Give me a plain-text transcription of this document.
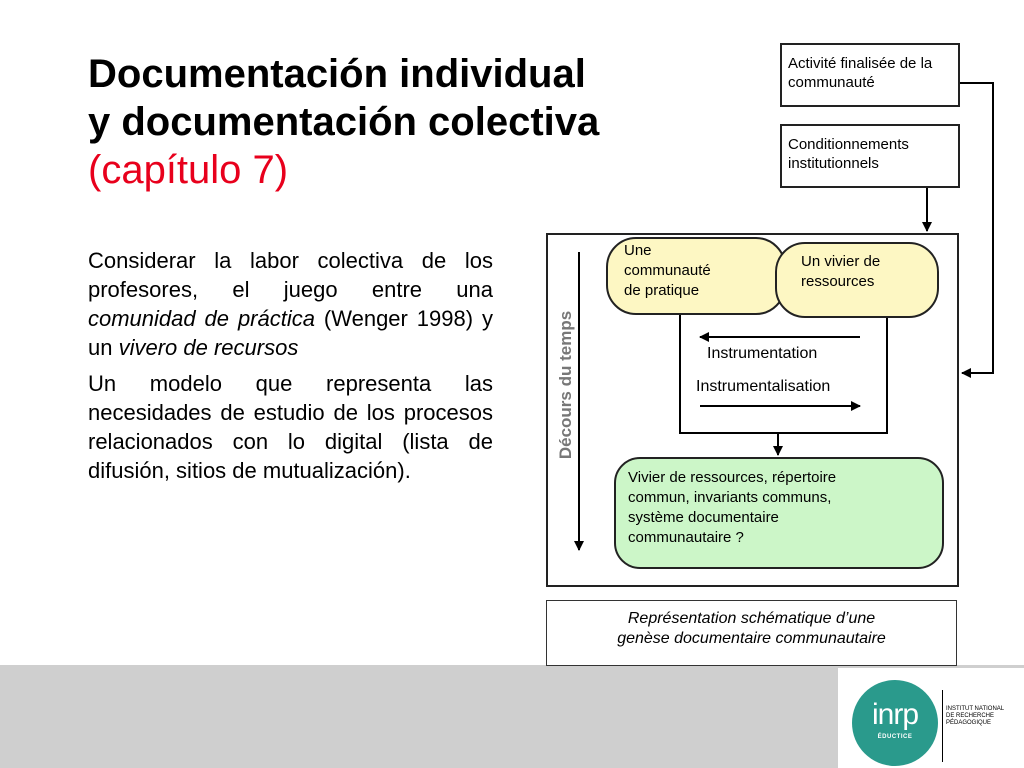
Documentación individual
y documentación colectiva
(capítulo 7)

Considerar la labor colectiva de los profesores, el juego entre una comunidad de práctica (Wenger 1998) y un vivero de recursos

Un modelo que representa las necesidades de estudio de los procesos relacionados con lo digital (lista de difusión, sitios de mutualización).

inrp
ÉDUCTICE
INSTITUT NATIONAL
DE RECHERCHE
PÉDAGOGIQUE
Activité finalisée de la communauté
Conditionnements institutionnels
Une
communauté
de pratique
Un vivier de
ressources
Instrumentation
Instrumentalisation
Décours du temps
Vivier de ressources, répertoire
commun, invariants communs,
système documentaire
communautaire ?
Représentation schématique d’une
genèse documentaire communautaire
